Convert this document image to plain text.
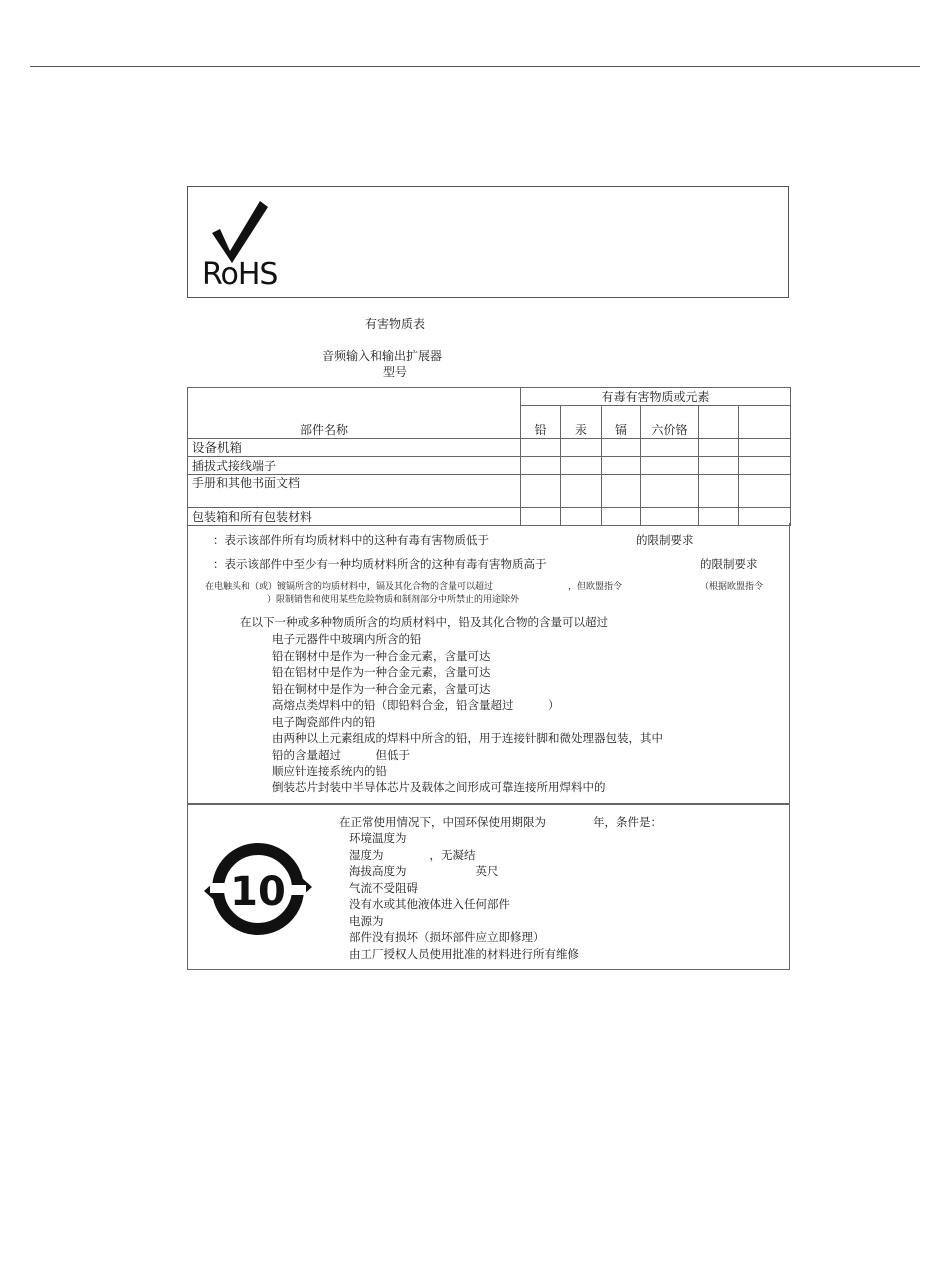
RoHS
有害物质表
音频输入和输出扩展器
型号
部件名称	有毒有害物质或元素					
	铅	汞	镉	六价铬		
设备机箱						
插拔式接线端子						
手册和其他书面文档						
包装箱和所有包装材料						
：表示该部件所有均质材料中的这种有毒有害物质低于	的限制要求
：表示该部件中至少有一种均质材料所含的这种有毒有害物质高于	的限制要求
在电触头和（或）镀镉所含的均质材料中，镉及其化合物的含量可以超过	，但欧盟指令	（根据欧盟指令
）限制销售和使用某些危险物质和制剂部分中所禁止的用途除外
在以下一种或多种物质所含的均质材料中，铅及其化合物的含量可以超过
电子元器件中玻璃内所含的铅
铅在钢材中是作为一种合金元素，含量可达
铅在铝材中是作为一种合金元素，含量可达
铅在铜材中是作为一种合金元素，含量可达
高熔点类焊料中的铅（即铅料合金，铅含量超过　　　）
电子陶瓷部件内的铅
由两种以上元素组成的焊料中所含的铅，用于连接针脚和微处理器包装，其中
铅的含量超过　　　但低于
顺应针连接系统内的铅
倒装芯片封装中半导体芯片及载体之间形成可靠连接所用焊料中的
10
在正常使用情况下，中国环保使用期限为	年，条件是：
环境温度为
湿度为　　　　，无凝结
海拔高度为　　　　　　英尺
气流不受阻碍
没有水或其他液体进入任何部件
电源为
部件没有损坏（损坏部件应立即修理）
由工厂授权人员使用批准的材料进行所有维修
